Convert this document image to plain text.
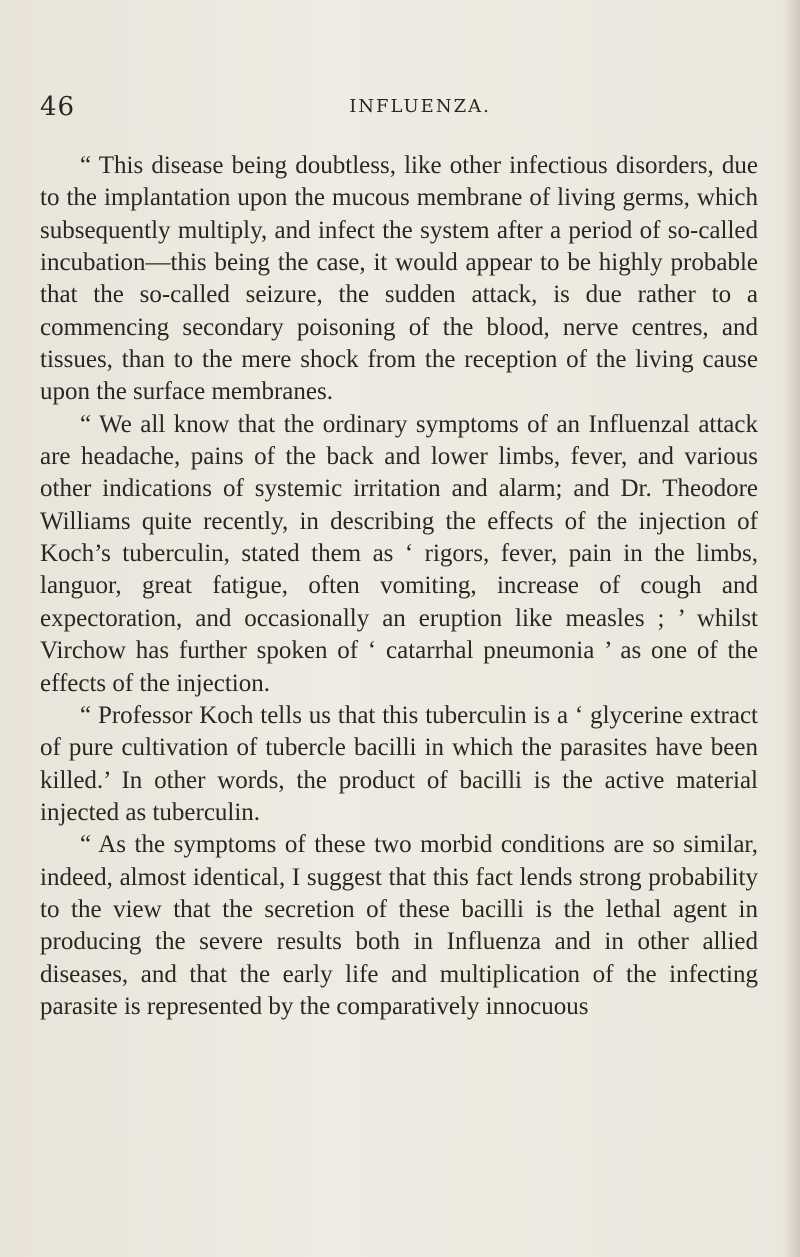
46	INFLUENZA.

“ This disease being doubtless, like other infectious disorders, due to the implantation upon the mucous membrane of living germs, which subsequently multiply, and infect the system after a period of so-called incubation—this being the case, it would appear to be highly probable that the so-called seizure, the sudden attack, is due rather to a commencing secondary poisoning of the blood, nerve centres, and tissues, than to the mere shock from the reception of the living cause upon the surface membranes.

“ We all know that the ordinary symptoms of an Influenzal attack are headache, pains of the back and lower limbs, fever, and various other indications of systemic irritation and alarm; and Dr. Theodore Williams quite recently, in describing the effects of the injection of Koch’s tuberculin, stated them as ‘ rigors, fever, pain in the limbs, languor, great fatigue, often vomiting, increase of cough and expectoration, and occasionally an eruption like measles ; ’ whilst Virchow has further spoken of ‘ catarrhal pneumonia ’ as one of the effects of the injection.

“ Professor Koch tells us that this tuberculin is a ‘ glycerine extract of pure cultivation of tubercle bacilli in which the parasites have been killed.’ In other words, the product of bacilli is the active material injected as tuberculin.

“ As the symptoms of these two morbid conditions are so similar, indeed, almost identical, I suggest that this fact lends strong probability to the view that the secretion of these bacilli is the lethal agent in producing the severe results both in Influenza and in other allied diseases, and that the early life and multiplication of the infecting parasite is represented by the comparatively innocuous
